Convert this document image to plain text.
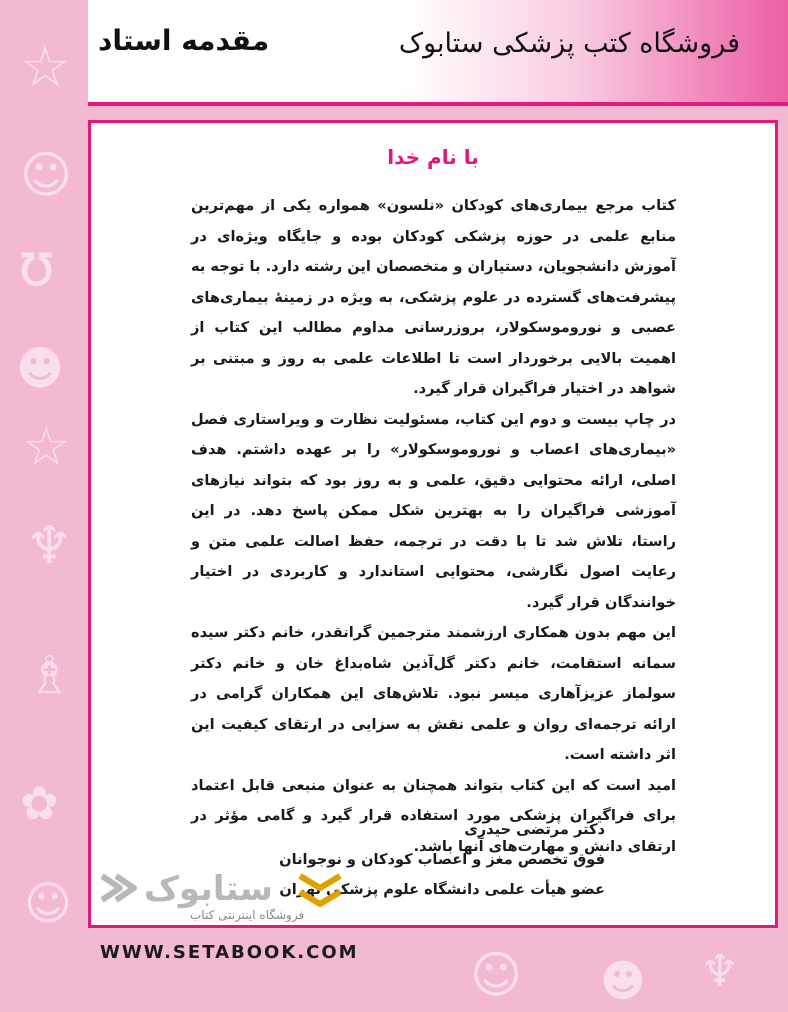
☆
☺
ʊ
☻
☆
♆
♗
✿
☺
☺ ☻ ♆
فروشگاه کتب پزشکی ستابوک
مقدمه استاد
با نام خدا

کتاب مرجع بیماری‌های کودکان «نلسون» همواره یکی از مهم‌ترین منابع علمی در حوزه پزشکی کودکان بوده و جایگاه ویژه‌ای در آموزش دانشجویان، دستیاران و متخصصان این رشته دارد. با توجه به پیشرفت‌های گسترده در علوم پزشکی، به ویژه در زمینهٔ بیماری‌های عصبی و نوروموسکولار، بروزرسانی مداوم مطالب این کتاب از اهمیت بالایی برخوردار است تا اطلاعات علمی به روز و مبتنی بر شواهد در اختیار فراگیران قرار گیرد.

در چاپ بیست و دوم این کتاب، مسئولیت نظارت و ویراستاری فصل «بیماری‌های اعصاب و نوروموسکولار» را بر عهده داشتم. هدف اصلی، ارائه محتوایی دقیق، علمی و به روز بود که بتواند نیازهای آموزشی فراگیران را به بهترین شکل ممکن پاسخ دهد. در این راستا، تلاش شد تا با دقت در ترجمه، حفظ اصالت علمی متن و رعایت اصول نگارشی، محتوایی استاندارد و کاربردی در اختیار خوانندگان قرار گیرد.

این مهم بدون همکاری ارزشمند مترجمین گرانقدر، خانم دکتر سیده سمانه استقامت، خانم دکتر گل‌آذین شاه‌بداغ خان و خانم دکتر سولماز عزیزآهاری میسر نبود. تلاش‌های این همکاران گرامی در ارائه ترجمه‌ای روان و علمی نقش به سزایی در ارتقای کیفیت این اثر داشته است.

امید است که این کتاب بتواند همچنان به عنوان منبعی قابل اعتماد برای فراگیران پزشکی مورد استفاده قرار گیرد و گامی مؤثر در ارتقای دانش و مهارت‌های آنها باشد.

دکتر مرتضی حیدری
فوق تخصص مغز و اعصاب کودکان و نوجوانان
عضو هیأت علمی دانشگاه علوم پزشکی تهران
ستابوک
فروشگاه اینترنتی کتاب
WWW.SETABOOK.COM
